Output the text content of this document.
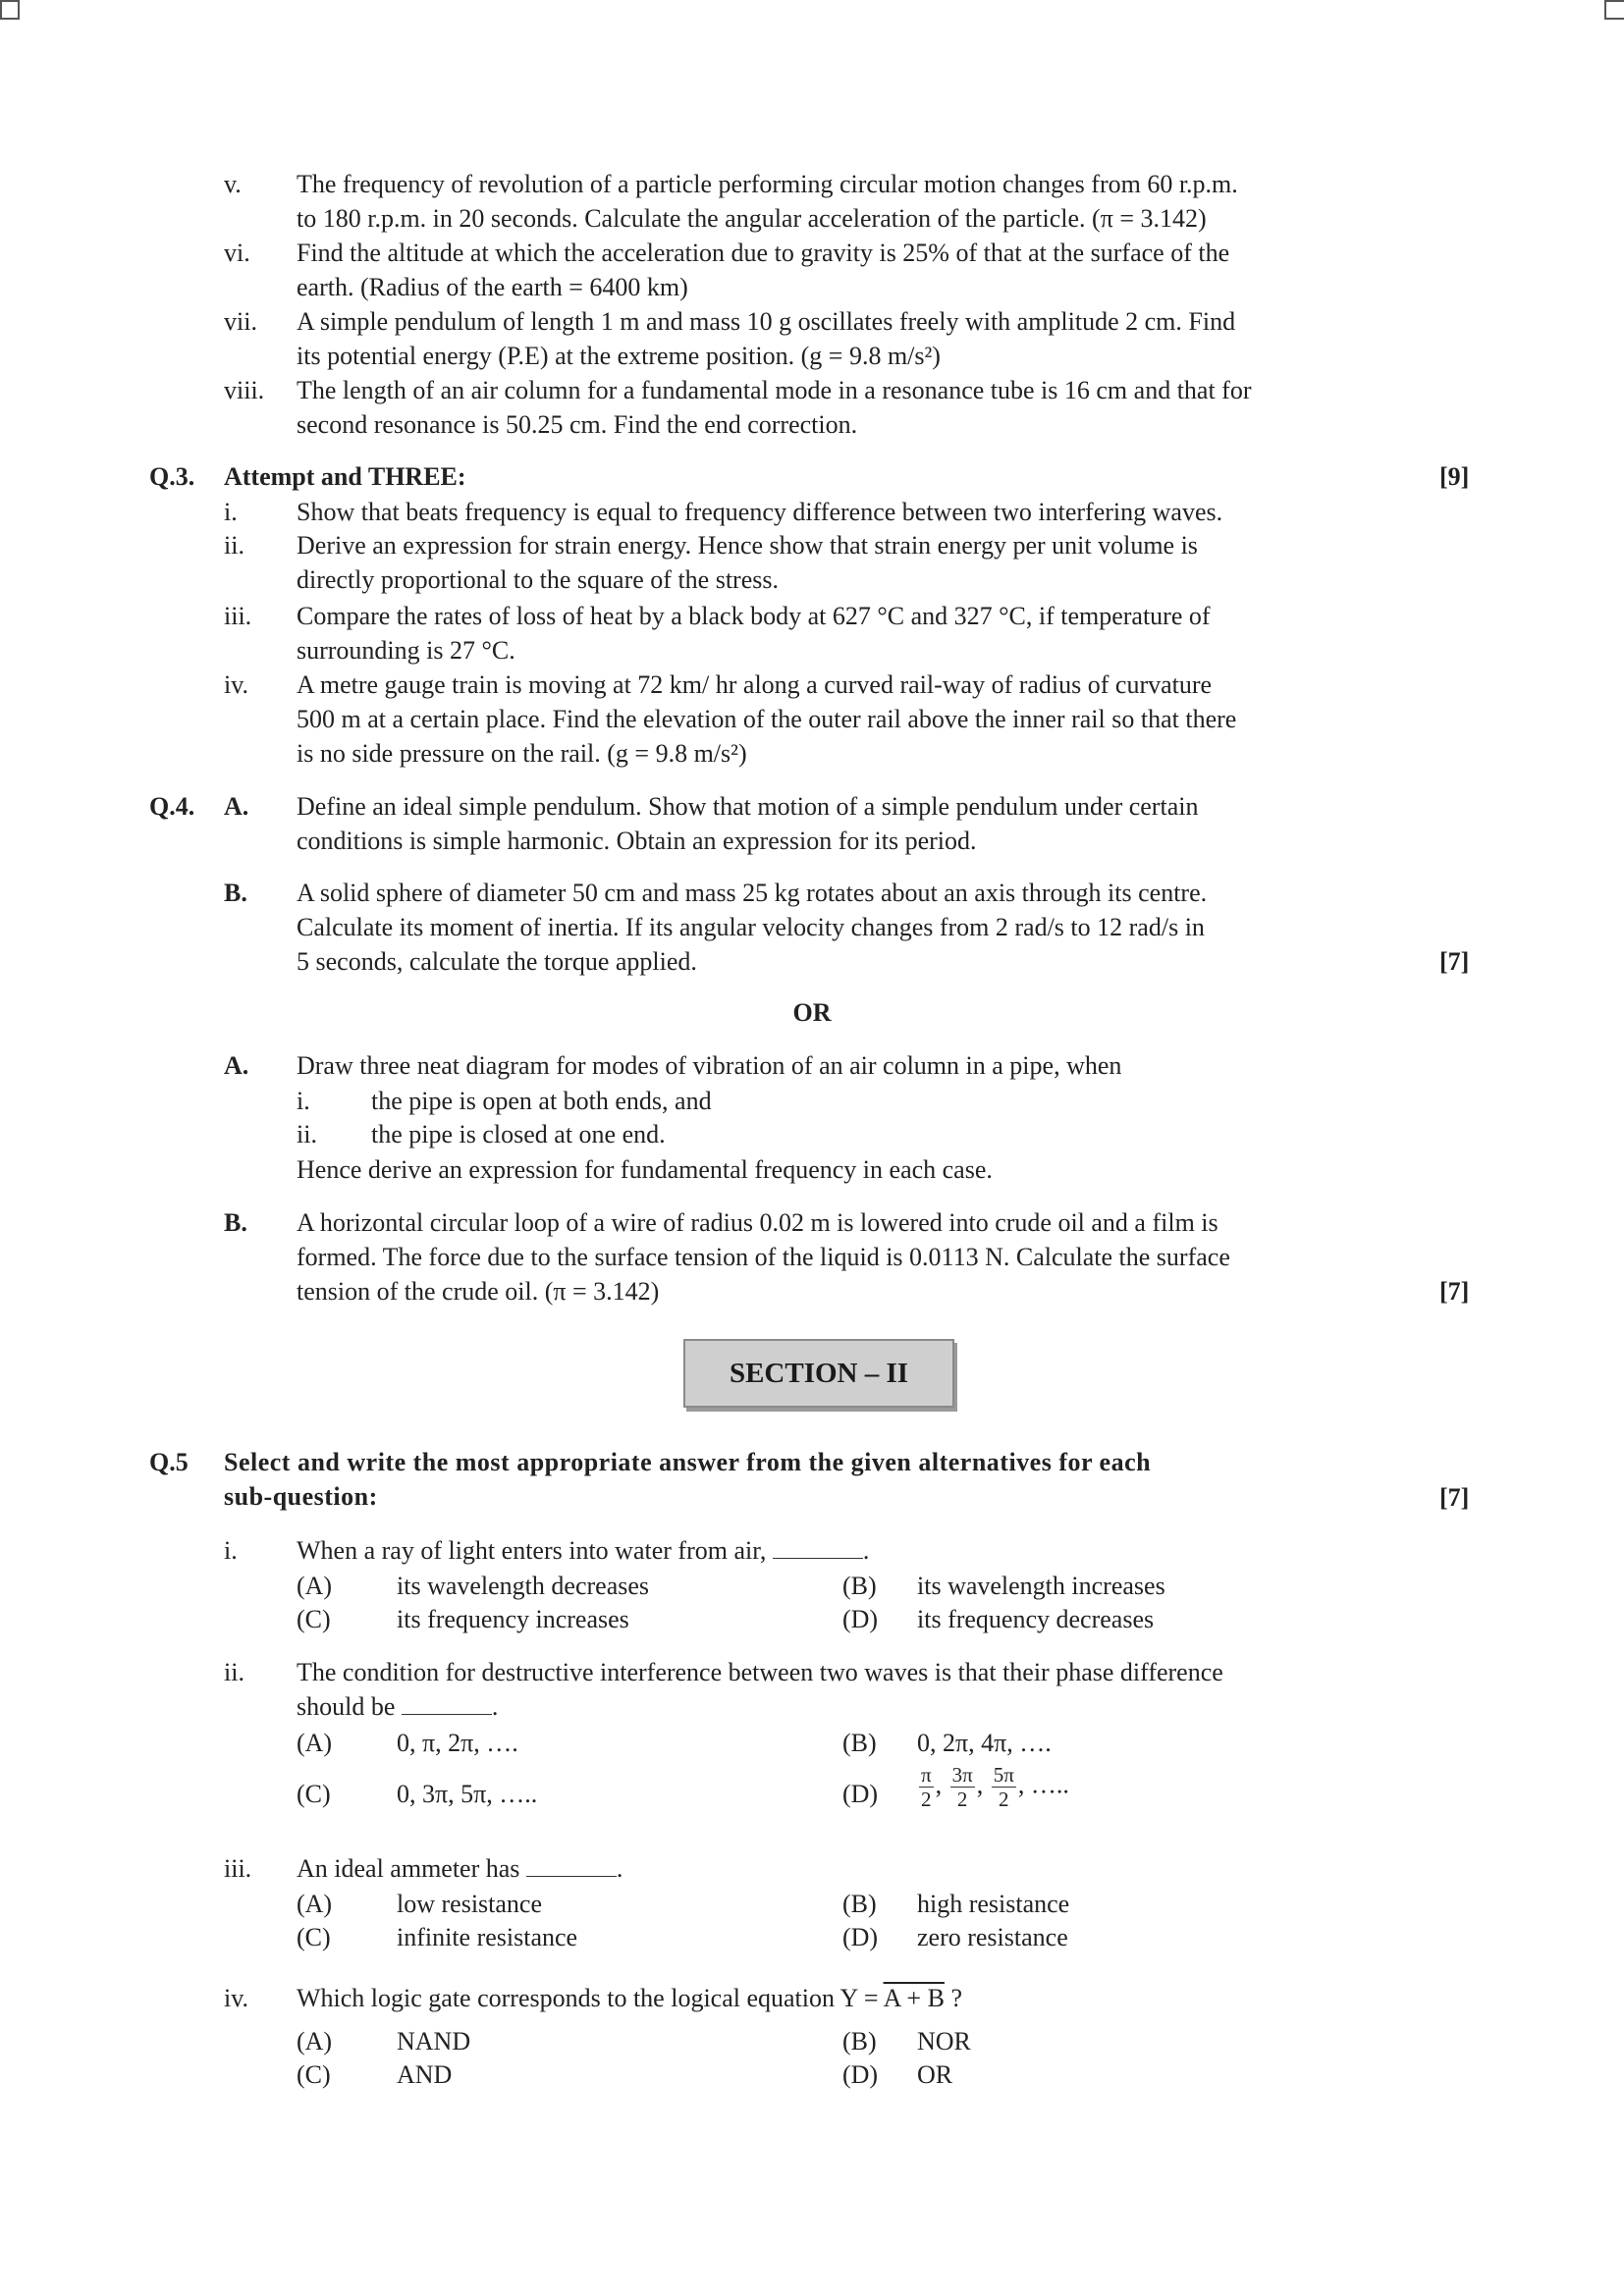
v. The frequency of revolution of a particle performing circular motion changes from 60 r.p.m.
to 180 r.p.m. in 20 seconds. Calculate the angular acceleration of the particle. (π = 3.142)
vi. Find the altitude at which the acceleration due to gravity is 25% of that at the surface of the
earth. (Radius of the earth = 6400 km)
vii. A simple pendulum of length 1 m and mass 10 g oscillates freely with amplitude 2 cm. Find
its potential energy (P.E) at the extreme position. (g = 9.8 m/s²)
viii. The length of an air column for a fundamental mode in a resonance tube is 16 cm and that for
second resonance is 50.25 cm. Find the end correction.
Q.3. Attempt and THREE:	[9]
i. Show that beats frequency is equal to frequency difference between two interfering waves.
ii. Derive an expression for strain energy. Hence show that strain energy per unit volume is
directly proportional to the square of the stress.
iii. Compare the rates of loss of heat by a black body at 627 °C and 327 °C, if temperature of
surrounding is 27 °C.
iv. A metre gauge train is moving at 72 km/ hr along a curved rail-way of radius of curvature
500 m at a certain place. Find the elevation of the outer rail above the inner rail so that there
is no side pressure on the rail. (g = 9.8 m/s²)
Q.4. A. Define an ideal simple pendulum. Show that motion of a simple pendulum under certain
conditions is simple harmonic. Obtain an expression for its period.
B. A solid sphere of diameter 50 cm and mass 25 kg rotates about an axis through its centre.
Calculate its moment of inertia. If its angular velocity changes from 2 rad/s to 12 rad/s in
5 seconds, calculate the torque applied.	[7]
OR
A. Draw three neat diagram for modes of vibration of an air column in a pipe, when
i. the pipe is open at both ends, and
ii. the pipe is closed at one end.
Hence derive an expression for fundamental frequency in each case.
B. A horizontal circular loop of a wire of radius 0.02 m is lowered into crude oil and a film is
formed. The force due to the surface tension of the liquid is 0.0113 N. Calculate the surface
tension of the crude oil. (π = 3.142)	[7]
SECTION – II
Q.5 Select and write the most appropriate answer from the given alternatives for each
sub-question:	[7]
i. When a ray of light enters into water from air,	.
(A)	its wavelength decreases	(B) its wavelength increases
(C)	its frequency increases	(D) its frequency decreases
ii. The condition for destructive interference between two waves is that their phase difference
should be	.
(A)	0, π, 2π, ….	(B) 0, 2π, 4π, ….
(C)	0, 3π, 5π, …..	$(D) \frac{\pi}{2}$ , $\frac{3\pi}{2}$ , $\frac{5\pi}{2}$ , …..
iii. An ideal ammeter has	.
(A)	low resistance	(B) high resistance
(C)	infinite resistance	(D) zero resistance
iv. Which logic gate corresponds to the logical equation Y = A + B ?
(A)	NAND	(B) NOR
(C)	AND	(D) OR
